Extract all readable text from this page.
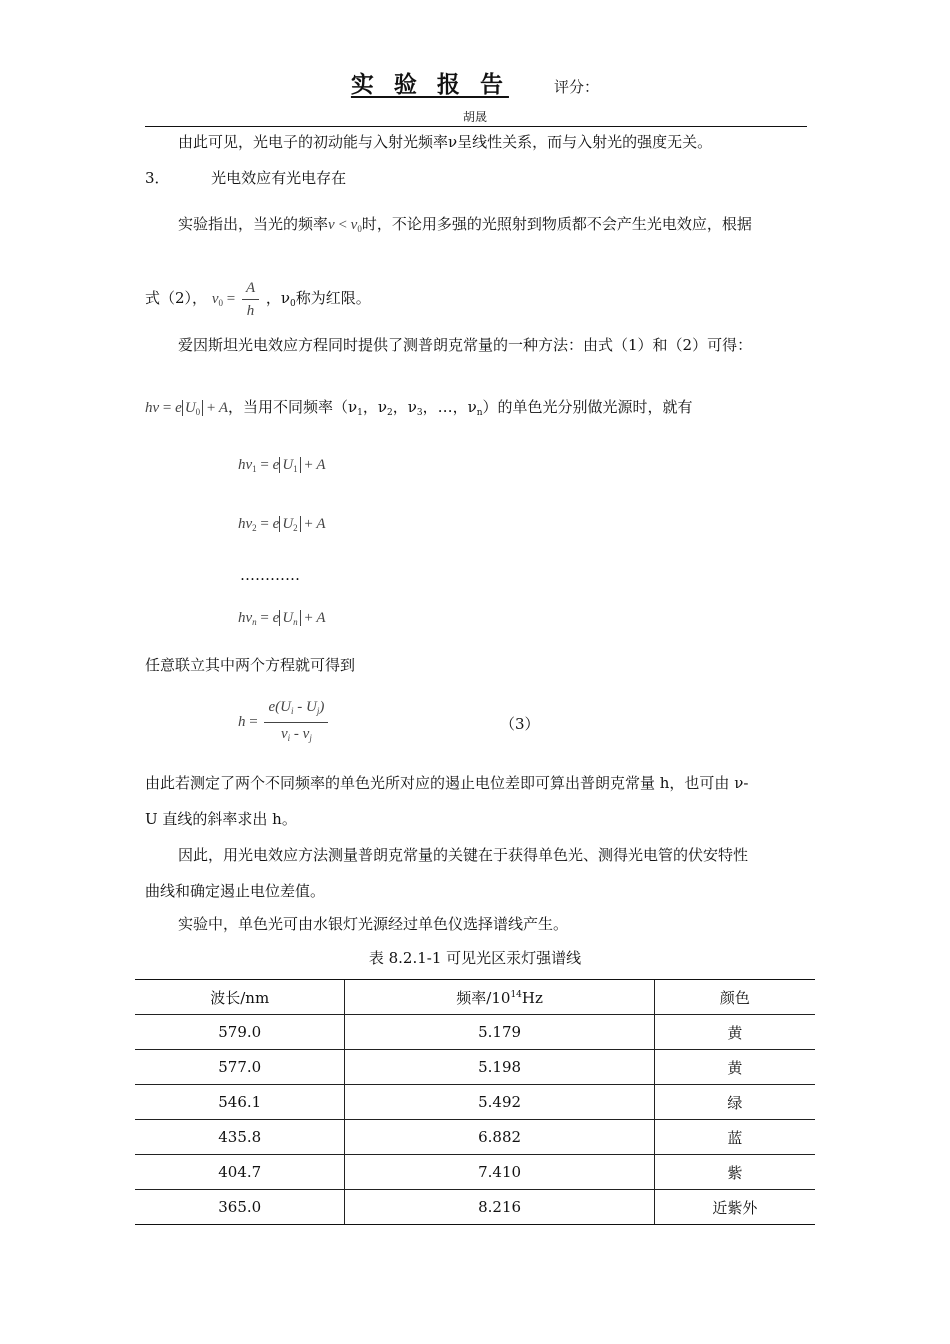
实 验 报 告	评分：
胡晟
由此可见，光电子的初动能与入射光频率ν呈线性关系，而与入射光的强度无关。
3．	光电效应有光电存在
实验指出，当光的频率$\nu < \nu_0$时，不论用多强的光照射到物质都不会产生光电效应，根据
式（2）， $\nu_0 = \frac{A}{h}$ ，$\nu_0$称为红限。
爱因斯坦光电效应方程同时提供了测普朗克常量的一种方法：由式（1）和（2）可得：
hν = e $U_0 + A$，当用不同频率（$\nu_1$，$\nu_2$，$\nu_3$，…，$\nu_n$）的单色光分别做光源时，就有
$h\nu_1 = e$ $U_1 + A$
$h\nu_2 = e$ $U_2 + A$
…………
$h\nu_n = e$ $U_n + A$
任意联立其中两个方程就可得到
$h = \frac{e(U_i - U_j)}{\nu_i - \nu_j}$	（3）
由此若测定了两个不同频率的单色光所对应的遏止电位差即可算出普朗克常量 h，也可由 ν-
U 直线的斜率求出 h。
因此，用光电效应方法测量普朗克常量的关键在于获得单色光、测得光电管的伏安特性
曲线和确定遏止电位差值。
实验中，单色光可由水银灯光源经过单色仪选择谱线产生。
表 8.2.1-1 可见光区汞灯强谱线
波长/nm	频率$/10^{14}Hz$	颜色
579.0	5.179	黄
577.0	5.198	黄
546.1	5.492	绿
435.8	6.882	蓝
404.7	7.410	紫
365.0	8.216	近紫外
